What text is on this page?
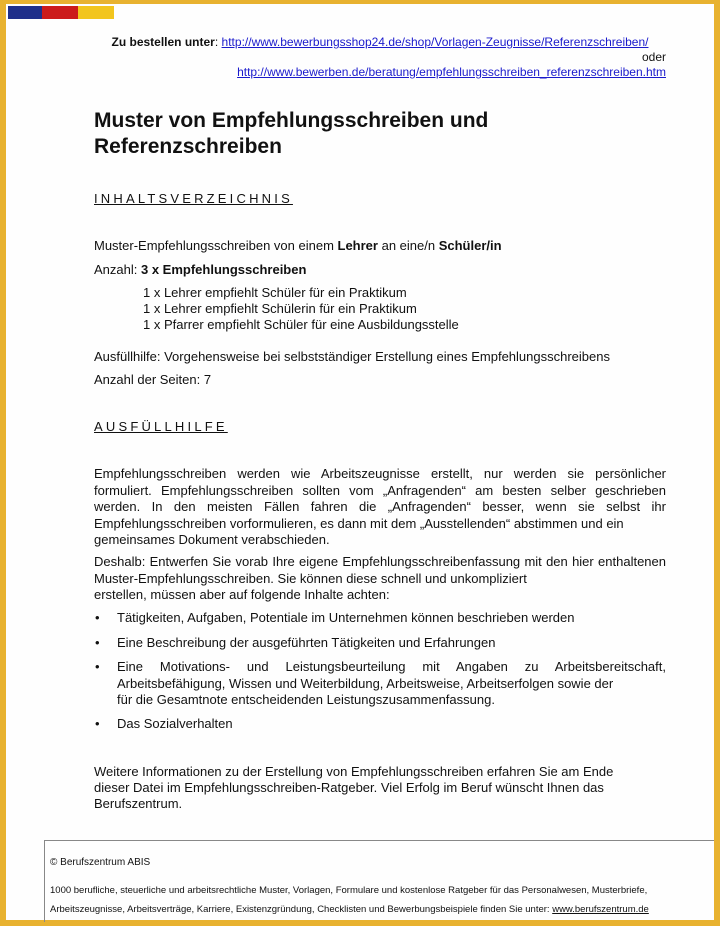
Zu bestellen unter: http://www.bewerbungsshop24.de/shop/Vorlagen-Zeugnisse/Referenzschreiben/
oder
http://www.bewerben.de/beratung/empfehlungsschreiben_referenzschreiben.htm
Muster von Empfehlungsschreiben und Referenzschreiben
INHALTSVERZEICHNIS
Muster-Empfehlungsschreiben von einem Lehrer an eine/n Schüler/in
Anzahl: 3 x Empfehlungsschreiben
1 x Lehrer empfiehlt Schüler für ein Praktikum
1 x Lehrer empfiehlt Schülerin für ein Praktikum
1 x Pfarrer empfiehlt Schüler für eine Ausbildungsstelle
Ausfüllhilfe: Vorgehensweise bei selbstständiger Erstellung eines Empfehlungsschreibens
Anzahl der Seiten: 7
AUSFÜLLHILFE
Empfehlungsschreiben werden wie Arbeitszeugnisse erstellt, nur werden sie persönlicher formuliert. Empfehlungsschreiben sollten vom „Anfragenden“ am besten selber geschrieben werden. In den meisten Fällen fahren die „Anfragenden“ besser, wenn sie selbst ihr Empfehlungsschreiben vorformulieren, es dann mit dem „Ausstellenden“ abstimmen und ein
gemeinsames Dokument verabschieden.
Deshalb: Entwerfen Sie vorab Ihre eigene Empfehlungsschreibenfassung mit den hier enthaltenen Muster-Empfehlungsschreiben. Sie können diese schnell und unkompliziert
erstellen, müssen aber auf folgende Inhalte achten:
• Tätigkeiten, Aufgaben, Potentiale im Unternehmen können beschrieben werden
• Eine Beschreibung der ausgeführten Tätigkeiten und Erfahrungen
• Eine Motivations- und Leistungsbeurteilung mit Angaben zu Arbeitsbereitschaft, Arbeitsbefähigung, Wissen und Weiterbildung, Arbeitsweise, Arbeitserfolgen sowie der
für die Gesamtnote entscheidenden Leistungszusammenfassung.
• Das Sozialverhalten
Weitere Informationen zu der Erstellung von Empfehlungsschreiben erfahren Sie am Ende
dieser Datei im Empfehlungsschreiben-Ratgeber. Viel Erfolg im Beruf wünscht Ihnen das
Berufszentrum.
© Berufszentrum ABIS
1000 berufliche, steuerliche und arbeitsrechtliche Muster, Vorlagen, Formulare und kostenlose Ratgeber für das Personalwesen, Musterbriefe,
Arbeitszeugnisse, Arbeitsverträge, Karriere, Existenzgründung, Checklisten und Bewerbungsbeispiele finden Sie unter: www.berufszentrum.de
